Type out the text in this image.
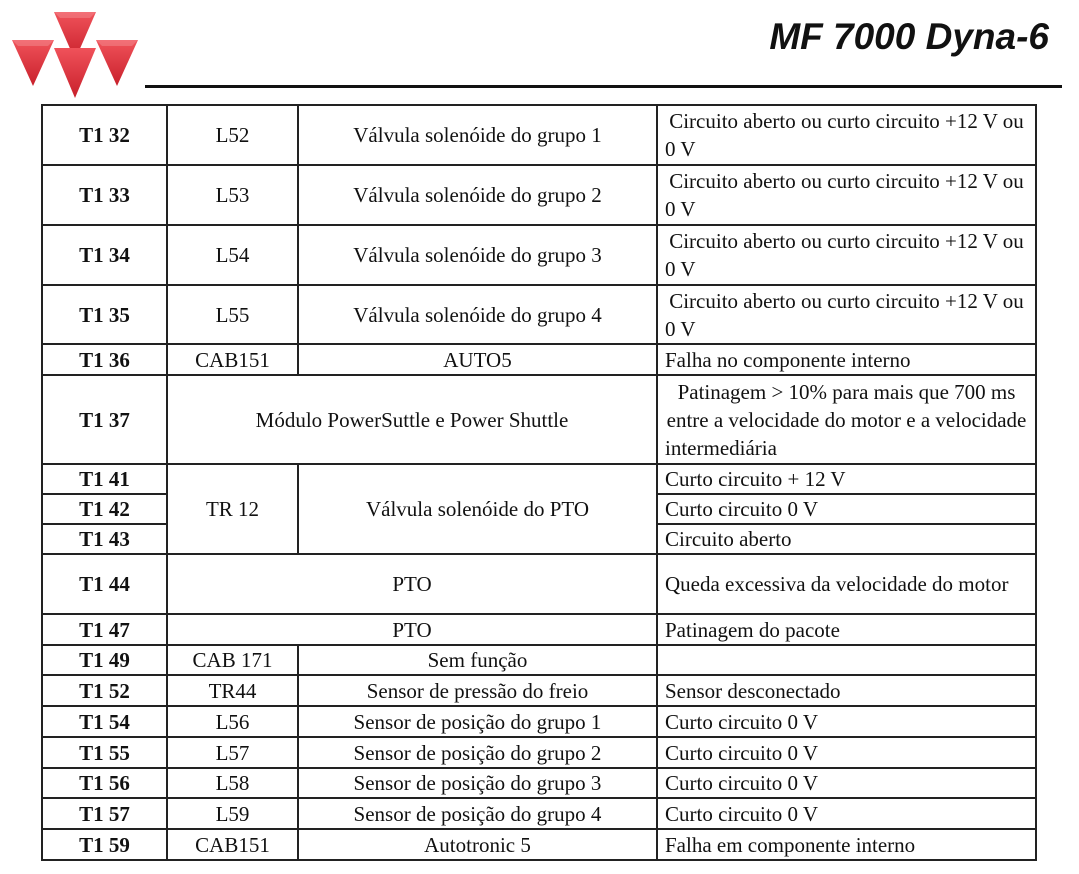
MF 7000 Dyna-6
T1 32	L52	Válvula solenóide do grupo 1	Circuito aberto ou curto circuito +12 V ou 0 V
T1 33	L53	Válvula solenóide do grupo 2	Circuito aberto ou curto circuito +12 V ou 0 V
T1 34	L54	Válvula solenóide do grupo 3	Circuito aberto ou curto circuito +12 V ou 0 V
T1 35	L55	Válvula solenóide do grupo 4	Circuito aberto ou curto circuito +12 V ou 0 V
T1 36	CAB151	AUTO5	Falha no componente interno
T1 37	Módulo PowerSuttle e Power Shuttle		Patinagem > 10% para mais que 700 ms entre a velocidade do motor e a velocidade intermediária
T1 41	TR 12	Válvula solenóide do PTO	Curto circuito + 12 V
T1 42			Curto circuito 0 V
T1 43			Circuito aberto
T1 44	PTO		Queda excessiva da velocidade do motor
T1 47	PTO		Patinagem do pacote
T1 49	CAB 171	Sem função	
T1 52	TR44	Sensor de pressão do freio	Sensor desconectado
T1 54	L56	Sensor de posição do grupo 1	Curto circuito 0 V
T1 55	L57	Sensor de posição do grupo 2	Curto circuito 0 V
T1 56	L58	Sensor de posição do grupo 3	Curto circuito 0 V
T1 57	L59	Sensor de posição do grupo 4	Curto circuito 0 V
T1 59	CAB151	Autotronic 5	Falha em componente interno
